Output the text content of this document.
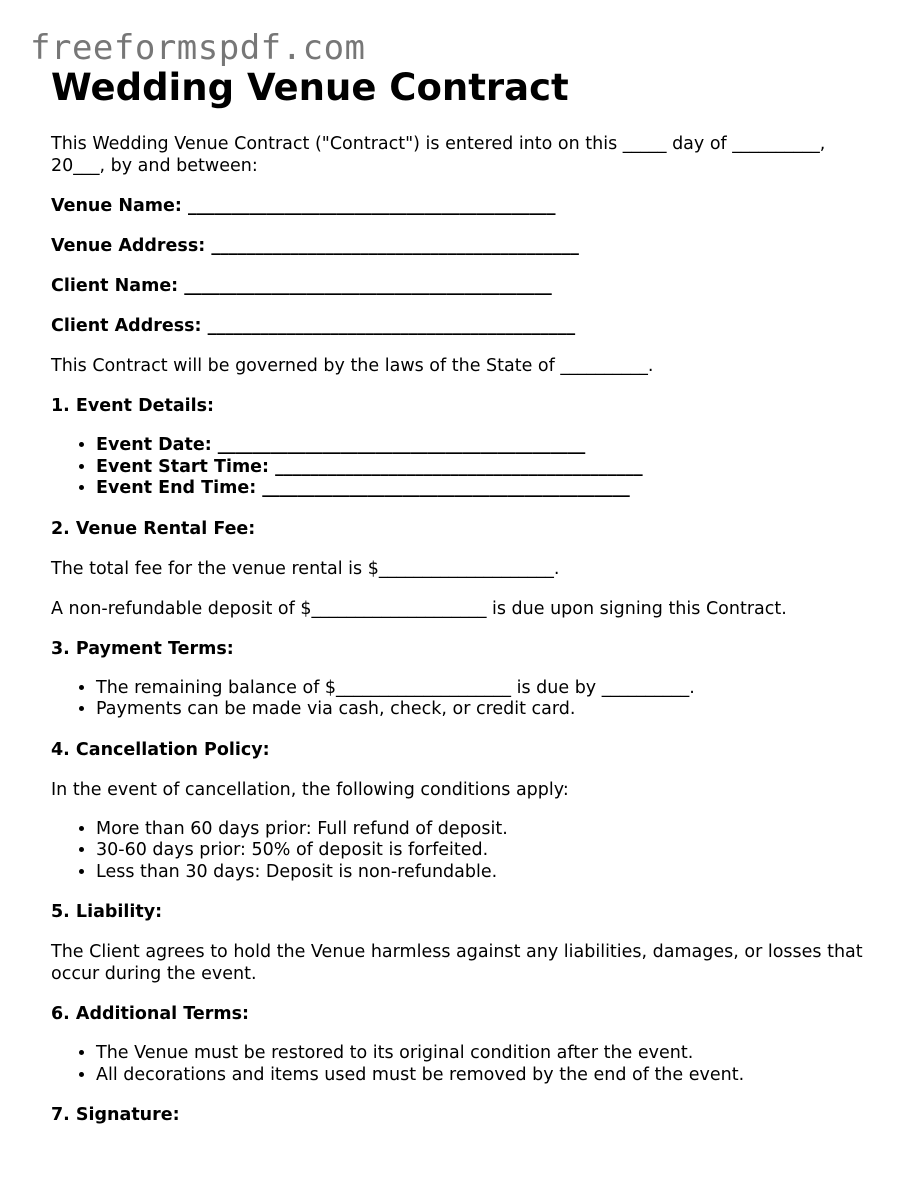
freeformspdf.com
Wedding Venue Contract

This Wedding Venue Contract ("Contract") is entered into on this _____ day of __________, 20___, by and between:

Venue Name: __________________________________________
Venue Address: __________________________________________
Client Name: __________________________________________
Client Address: __________________________________________

This Contract will be governed by the laws of the State of __________.

1. Event Details:
• Event Date: __________________________________________
• Event Start Time: __________________________________________
• Event End Time: __________________________________________
2. Venue Rental Fee:

The total fee for the venue rental is $____________________.

A non-refundable deposit of $____________________ is due upon signing this Contract.

3. Payment Terms:
• The remaining balance of $____________________ is due by __________.
• Payments can be made via cash, check, or credit card.
4. Cancellation Policy:

In the event of cancellation, the following conditions apply:

• More than 60 days prior: Full refund of deposit.
• 30-60 days prior: 50% of deposit is forfeited.
• Less than 30 days: Deposit is non-refundable.
5. Liability:

The Client agrees to hold the Venue harmless against any liabilities, damages, or losses that occur during the event.

6. Additional Terms:
• The Venue must be restored to its original condition after the event.
• All decorations and items used must be removed by the end of the event.
7. Signature:
